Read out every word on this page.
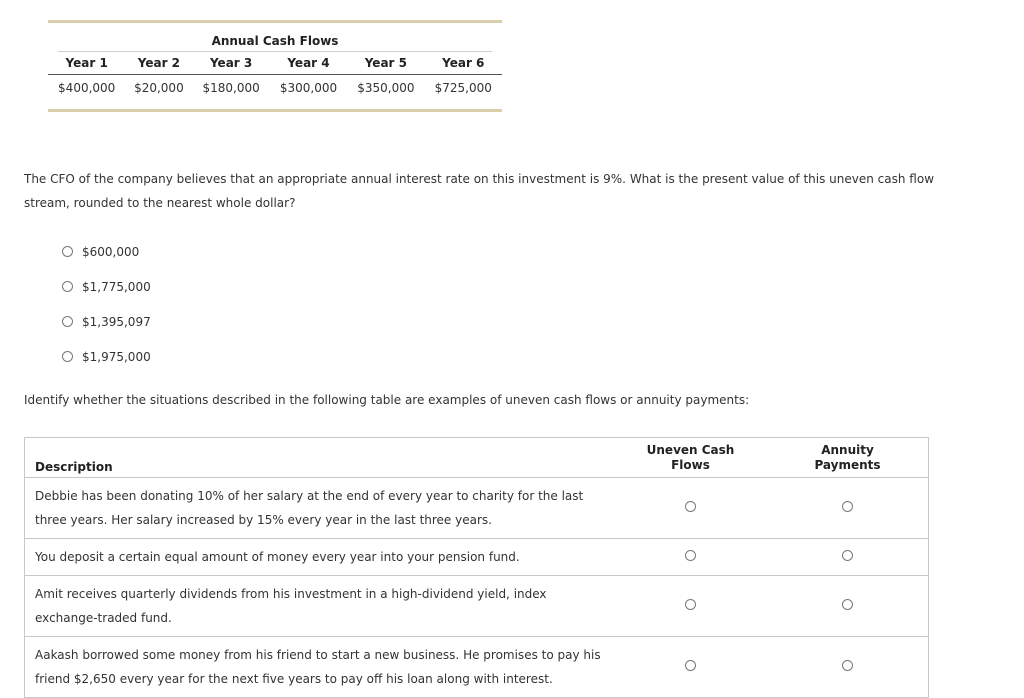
Annual Cash Flows
Year 1	Year 2	Year 3	Year 4	Year 5	Year 6
$400,000	$20,000	$180,000	$300,000	$350,000	$725,000
The CFO of the company believes that an appropriate annual interest rate on this investment is 9%. What is the present value of this uneven cash flow stream, rounded to the nearest whole dollar?
$600,000
$1,775,000
$1,395,097
$1,975,000
Identify whether the situations described in the following table are examples of uneven cash flows or annuity payments:
Description	Uneven Cash Flows	Annuity Payments
Debbie has been donating 10% of her salary at the end of every year to charity for the last three years. Her salary increased by 15% every year in the last three years.		
You deposit a certain equal amount of money every year into your pension fund.		
Amit receives quarterly dividends from his investment in a high-dividend yield, index exchange-traded fund.		
Aakash borrowed some money from his friend to start a new business. He promises to pay his friend $2,650 every year for the next five years to pay off his loan along with interest.		
